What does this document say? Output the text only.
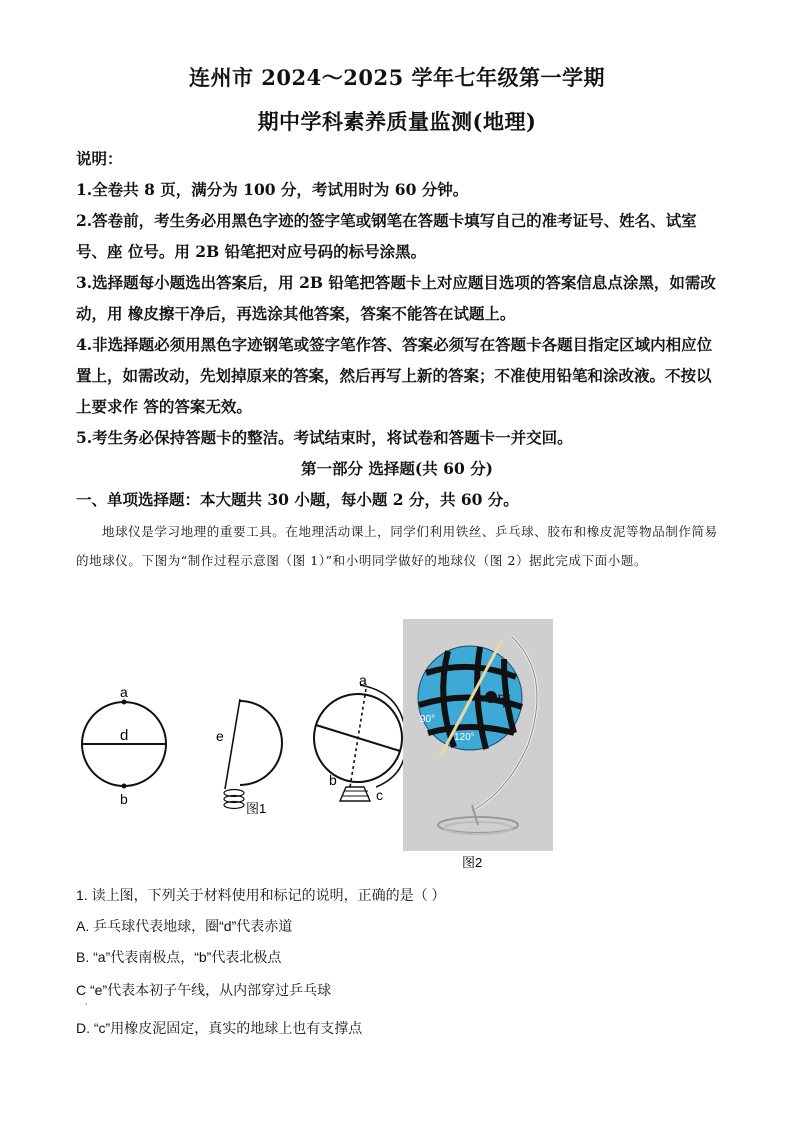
连州市 2024～2025 学年七年级第一学期
期中学科素养质量监测(地理)
说明：
1.全卷共 8 页，满分为 100 分，考试用时为 60 分钟。
2.答卷前，考生务必用黑色字迹的签字笔或钢笔在答题卡填写自己的准考证号、姓名、试室号、座 位号。用 2B 铅笔把对应号码的标号涂黑。
3.选择题每小题选出答案后，用 2B 铅笔把答题卡上对应题目选项的答案信息点涂黑，如需改动，用 橡皮擦干净后，再选涂其他答案，答案不能答在试题上。
4.非选择题必须用黑色字迹钢笔或签字笔作答、答案必须写在答题卡各题目指定区域内相应位置上，如需改动，先划掉原来的答案，然后再写上新的答案；不准使用铅笔和涂改液。不按以上要求作 答的答案无效。
5.考生务必保持答题卡的整洁。考试结束时，将试卷和答题卡一并交回。
第一部分 选择题(共 60 分)
一、单项选择题：本大题共 30 小题，每小题 2 分，共 60 分。
地球仪是学习地理的重要工具。在地理活动课上，同学们利用铁丝、乒乓球、胶布和橡皮泥等物品制作简易的地球仪。下图为“制作过程示意图（图 1）”和小明同学做好的地球仪（图 2）据此完成下面小题。
a
b
d	e
图1
a
b
c
甲
90°
120°
图2
1. 读上图，下列关于材料使用和标记的说明，正确的是（ ）
A. 乒乓球代表地球，圈“d”代表赤道
B. “a”代表南极点，“b”代表北极点
C “e”代表本初子午线，从内部穿过乒乓球
·
D. “c”用橡皮泥固定，真实的地球上也有支撑点
